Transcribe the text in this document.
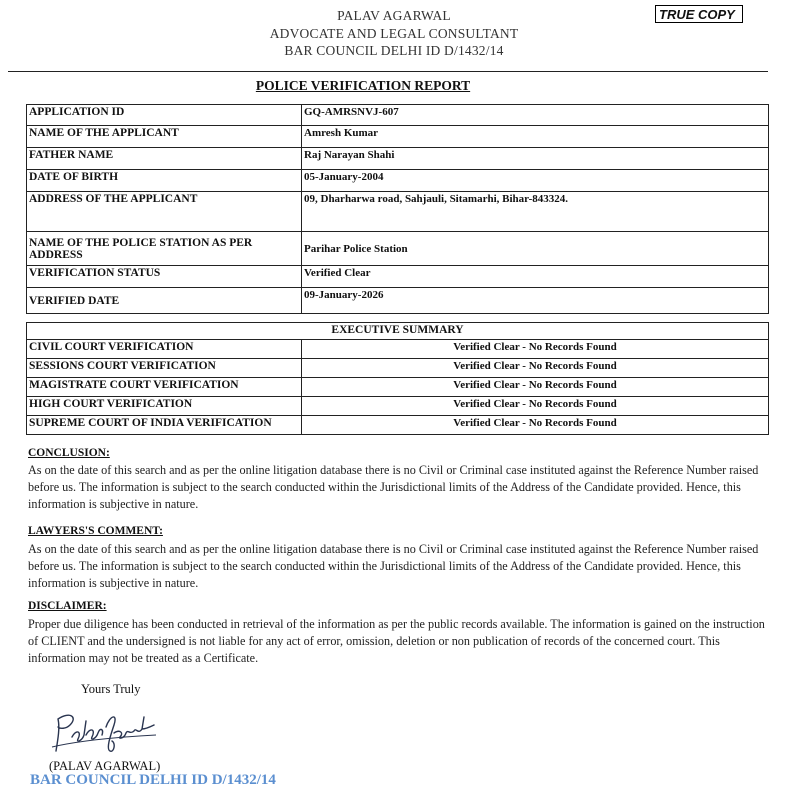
PALAV AGARWAL
ADVOCATE AND LEGAL CONSULTANT
BAR COUNCIL DELHI ID D/1432/14
TRUE COPY
POLICE VERIFICATION REPORT
APPLICATION ID	GQ-AMRSNVJ-607
NAME OF THE APPLICANT	Amresh Kumar
FATHER NAME	Raj Narayan Shahi
DATE OF BIRTH	05-January-2004
ADDRESS OF THE APPLICANT	09, Dharharwa road, Sahjauli, Sitamarhi, Bihar-843324.
NAME OF THE POLICE STATION AS PER ADDRESS	Parihar Police Station
VERIFICATION STATUS	Verified Clear
VERIFIED DATE	09-January-2026
EXECUTIVE SUMMARY	
CIVIL COURT VERIFICATION	Verified Clear - No Records Found
SESSIONS COURT VERIFICATION	Verified Clear - No Records Found
MAGISTRATE COURT VERIFICATION	Verified Clear - No Records Found
HIGH COURT VERIFICATION	Verified Clear - No Records Found
SUPREME COURT OF INDIA VERIFICATION	Verified Clear - No Records Found
CONCLUSION:
As on the date of this search and as per the online litigation database there is no Civil or Criminal case instituted against the Reference Number raised before us. The information is subject to the search conducted within the Jurisdictional limits of the Address of the Candidate provided. Hence, this information is subjective in nature.
LAWYERS'S COMMENT:
As on the date of this search and as per the online litigation database there is no Civil or Criminal case instituted against the Reference Number raised before us. The information is subject to the search conducted within the Jurisdictional limits of the Address of the Candidate provided. Hence, this information is subjective in nature.
DISCLAIMER:
Proper due diligence has been conducted in retrieval of the information as per the public records available. The information is gained on the instruction of CLIENT and the undersigned is not liable for any act of error, omission, deletion or non publication of records of the concerned court. This information may not be treated as a Certificate.
Yours Truly
(PALAV AGARWAL)
BAR COUNCIL DELHI ID D/1432/14
